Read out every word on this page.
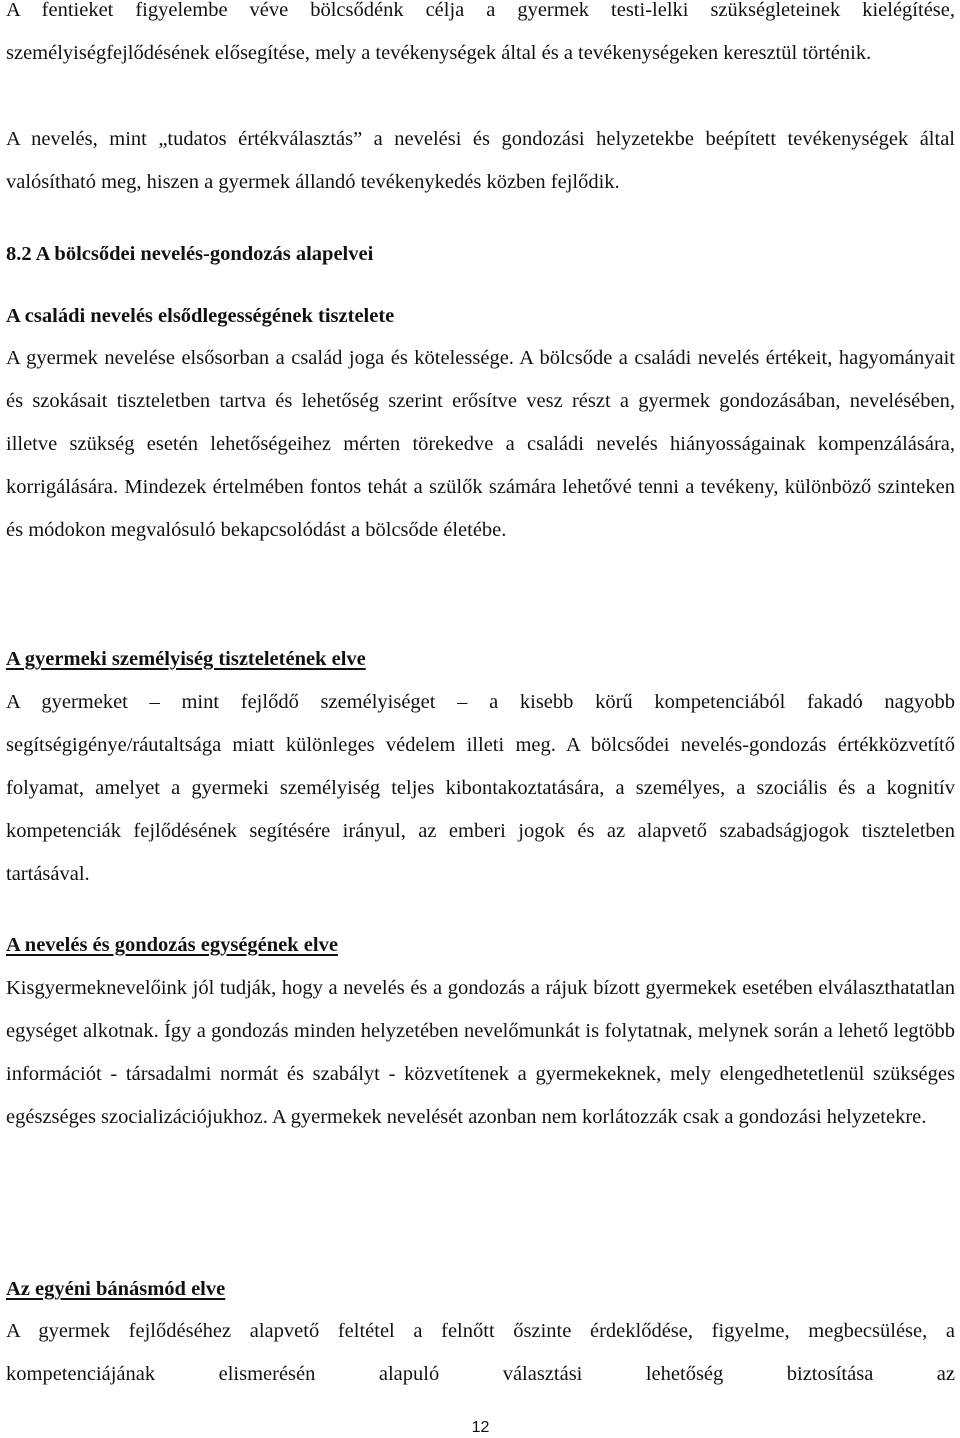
A fentieket figyelembe véve bölcsődénk célja a gyermek testi-lelki szükségleteinek kielégítése, személyiségfejlődésének elősegítése, mely a tevékenységek által és a tevékenységeken keresztül történik.

A nevelés, mint „tudatos értékválasztás” a nevelési és gondozási helyzetekbe beépített tevékenységek által valósítható meg, hiszen a gyermek állandó tevékenykedés közben fejlődik.

8.2 A bölcsődei nevelés-gondozás alapelvei
A családi nevelés elsődlegességének tisztelete

A gyermek nevelése elsősorban a család joga és kötelessége. A bölcsőde a családi nevelés értékeit, hagyományait és szokásait tiszteletben tartva és lehetőség szerint erősítve vesz részt a gyermek gondozásában, nevelésében, illetve szükség esetén lehetőségeihez mérten törekedve a családi nevelés hiányosságainak kompenzálására, korrigálására. Mindezek értelmében fontos tehát a szülők számára lehetővé tenni a tevékeny, különböző szinteken és módokon megvalósuló bekapcsolódást a bölcsőde életébe.

A gyermeki személyiség tiszteletének elve

A gyermeket – mint fejlődő személyiséget – a kisebb körű kompetenciából fakadó nagyobb segítségigénye/ráutaltsága miatt különleges védelem illeti meg. A bölcsődei nevelés-gondozás értékközvetítő folyamat, amelyet a gyermeki személyiség teljes kibontakoztatására, a személyes, a szociális és a kognitív kompetenciák fejlődésének segítésére irányul, az emberi jogok és az alapvető szabadságjogok tiszteletben tartásával.

A nevelés és gondozás egységének elve

Kisgyermeknevelőink jól tudják, hogy a nevelés és a gondozás a rájuk bízott gyermekek esetében elválaszthatatlan egységet alkotnak. Így a gondozás minden helyzetében nevelőmunkát is folytatnak, melynek során a lehető legtöbb információt - társadalmi normát és szabályt - közvetítenek a gyermekeknek, mely elengedhetetlenül szükséges egészséges szocializációjukhoz. A gyermekek nevelését azonban nem korlátozzák csak a gondozási helyzetekre.

Az egyéni bánásmód elve

A gyermek fejlődéséhez alapvető feltétel a felnőtt őszinte érdeklődése, figyelme, megbecsülése, a kompetenciájának elismerésén alapuló választási lehetőség biztosítása az

12
